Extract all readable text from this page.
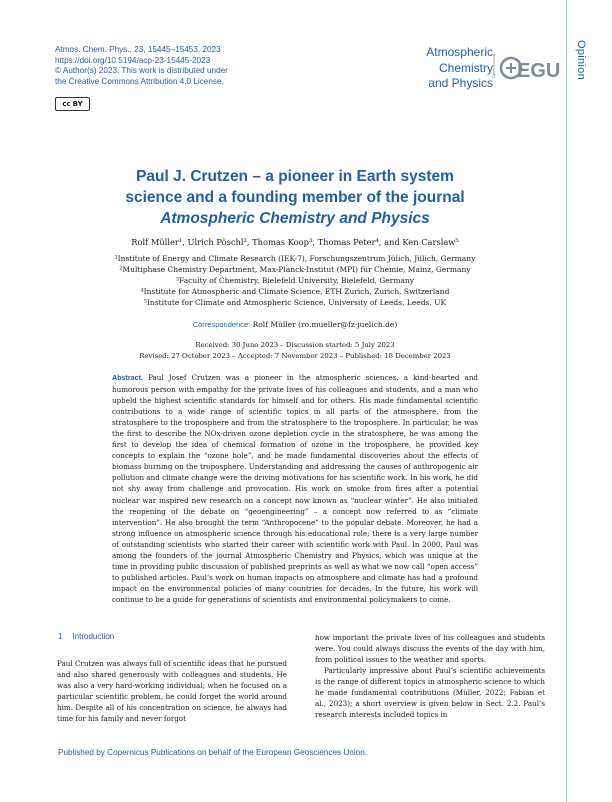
Atmos. Chem. Phys., 23, 15445–15453, 2023
https://doi.org/10.5194/acp-23-15445-2023
© Author(s) 2023. This work is distributed under
the Creative Commons Attribution 4.0 License.
cc BY
Atmospheric
Chemistry
and Physics
Open Access EGU Opinion
Paul J. Crutzen – a pioneer in Earth system
science and a founding member of the journal
Atmospheric Chemistry and Physics
Rolf Müller¹, Ulrich Pöschl², Thomas Koop³, Thomas Peter⁴, and Ken Carslaw⁵
¹Institute of Energy and Climate Research (IEK-7), Forschungszentrum Jülich, Jülich, Germany
²Multiphase Chemistry Department, Max-Planck-Institut (MPI) für Chemie, Mainz, Germany
³Faculty of Chemistry, Bielefeld University, Bielefeld, Germany
⁴Institute for Atmospheric and Climate Science, ETH Zurich, Zurich, Switzerland
⁵Institute for Climate and Atmospheric Science, University of Leeds, Leeds, UK
Correspondence: Rolf Müller (ro.mueller@fz-juelich.de)
Received: 30 June 2023 – Discussion started: 5 July 2023
Revised: 27 October 2023 – Accepted: 7 November 2023 – Published: 18 December 2023
Abstract. Paul Josef Crutzen was a pioneer in the atmospheric sciences, a kind-hearted and humorous person with empathy for the private lives of his colleagues and students, and a man who upheld the highest scientific standards for himself and for others. His made fundamental scientific contributions to a wide range of scientific topics in all parts of the atmosphere, from the stratosphere to the troposphere and from the stratosphere to the troposphere. In particular, he was the first to describe the NOx-driven ozone depletion cycle in the stratosphere, he was among the first to develop the idea of chemical formation of ozone in the troposphere, he provided key concepts to explain the “ozone hole”, and he made fundamental discoveries about the effects of biomass burning on the troposphere. Understanding and addressing the causes of anthropogenic air pollution and climate change were the driving motivations for his scientific work. In his work, he did not shy away from challenge and provocation. His work on smoke from fires after a potential nuclear war inspired new research on a concept now known as “nuclear winter”. He also initiated the reopening of the debate on “geoengineering” – a concept now referred to as “climate intervention”. He also brought the term “Anthropocene” to the popular debate. Moreover, he had a strong influence on atmospheric science through his educational role; there is a very large number of outstanding scientists who started their career with scientific work with Paul. In 2000, Paul was among the founders of the journal Atmospheric Chemistry and Physics, which was unique at the time in providing public discussion of published preprints as well as what we now call “open access” to published articles. Paul’s work on human impacts on atmosphere and climate has had a profound impact on the environmental policies of many countries for decades. In the future, his work will continue to be a guide for generations of scientists and environmental policymakers to come.
1 Introduction
Paul Crutzen was always full of scientific ideas that he pursued and also shared generously with colleagues and students. He was also a very hard-working individual; when he focused on a particular scientific problem, he could forget the world around him. Despite all of his concentration on science, he always had time for his family and never forgot

how important the private lives of his colleagues and students were. You could always discuss the events of the day with him, from political issues to the weather and sports.

Particularly impressive about Paul’s scientific achievements is the range of different topics in atmospheric science to which he made fundamental contributions (Müller, 2022; Fabian et al., 2023); a short overview is given below in Sect. 2.2. Paul’s research interests included topics in

Published by Copernicus Publications on behalf of the European Geosciences Union.
